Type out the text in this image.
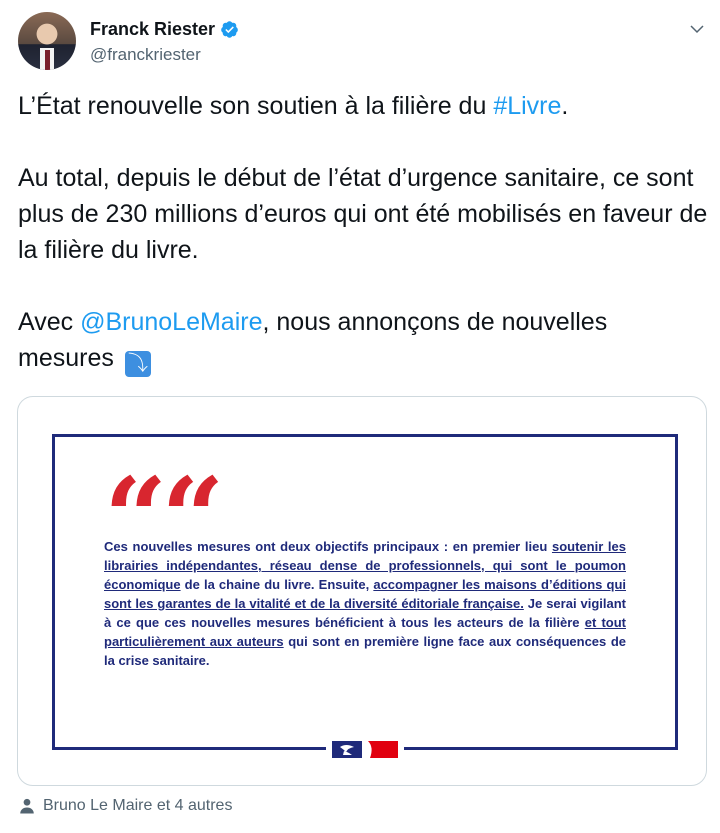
Franck Riester
@franckriester

L’État renouvelle son soutien à la filière du #Livre.

Au total, depuis le début de l’état d’urgence sanitaire, ce sont plus de 230 millions d’euros qui ont été mobilisés en faveur de la filière du livre.

Avec @BrunoLeMaire, nous annonçons de nouvelles mesures ⤵

““
Ces nouvelles mesures ont deux objectifs principaux : en premier lieu soutenir les librairies indépendantes, réseau dense de professionnels, qui sont le poumon économique de la chaine du livre. Ensuite, accompagner les maisons d’éditions qui sont les garantes de la vitalité et de la diversité éditoriale française. Je serai vigilant à ce que ces nouvelles mesures bénéficient à tous les acteurs de la filière et tout particulièrement aux auteurs qui sont en première ligne face aux conséquences de la crise sanitaire.
Bruno Le Maire et 4 autres
